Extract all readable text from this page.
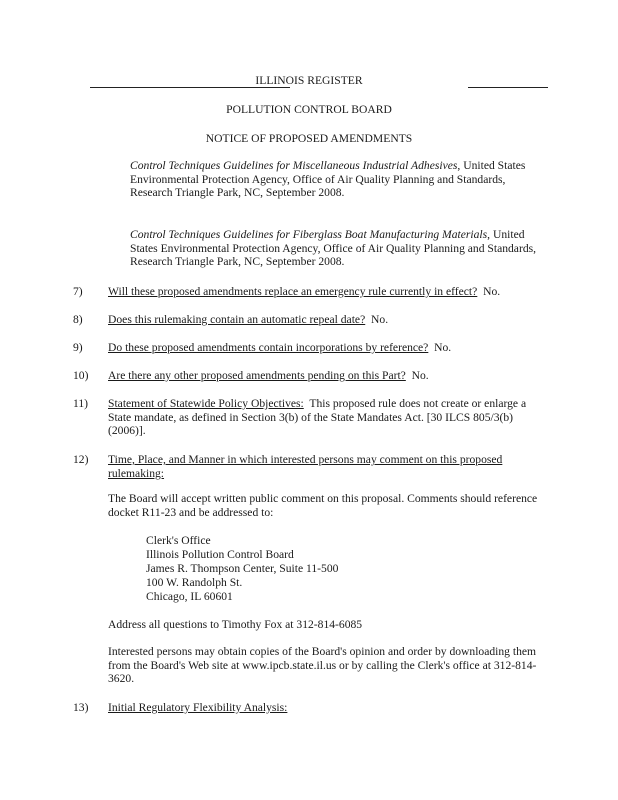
ILLINOIS REGISTER
POLLUTION CONTROL BOARD
NOTICE OF PROPOSED AMENDMENTS
Control Techniques Guidelines for Miscellaneous Industrial Adhesives, United States Environmental Protection Agency, Office of Air Quality Planning and Standards, Research Triangle Park, NC, September 2008.
Control Techniques Guidelines for Fiberglass Boat Manufacturing Materials, United States Environmental Protection Agency, Office of Air Quality Planning and Standards, Research Triangle Park, NC, September 2008.
7) Will these proposed amendments replace an emergency rule currently in effect? No.
8) Does this rulemaking contain an automatic repeal date? No.
9) Do these proposed amendments contain incorporations by reference? No.
10) Are there any other proposed amendments pending on this Part? No.
11) Statement of Statewide Policy Objectives: This proposed rule does not create or enlarge a State mandate, as defined in Section 3(b) of the State Mandates Act. [30 ILCS 805/3(b) (2006)].
12) Time, Place, and Manner in which interested persons may comment on this proposed rulemaking:
The Board will accept written public comment on this proposal. Comments should reference docket R11-23 and be addressed to:
Clerk's Office
Illinois Pollution Control Board
James R. Thompson Center, Suite 11-500
100 W. Randolph St.
Chicago, IL 60601
Address all questions to Timothy Fox at 312-814-6085
Interested persons may obtain copies of the Board's opinion and order by downloading them from the Board's Web site at www.ipcb.state.il.us or by calling the Clerk's office at 312-814-3620.
13) Initial Regulatory Flexibility Analysis:
